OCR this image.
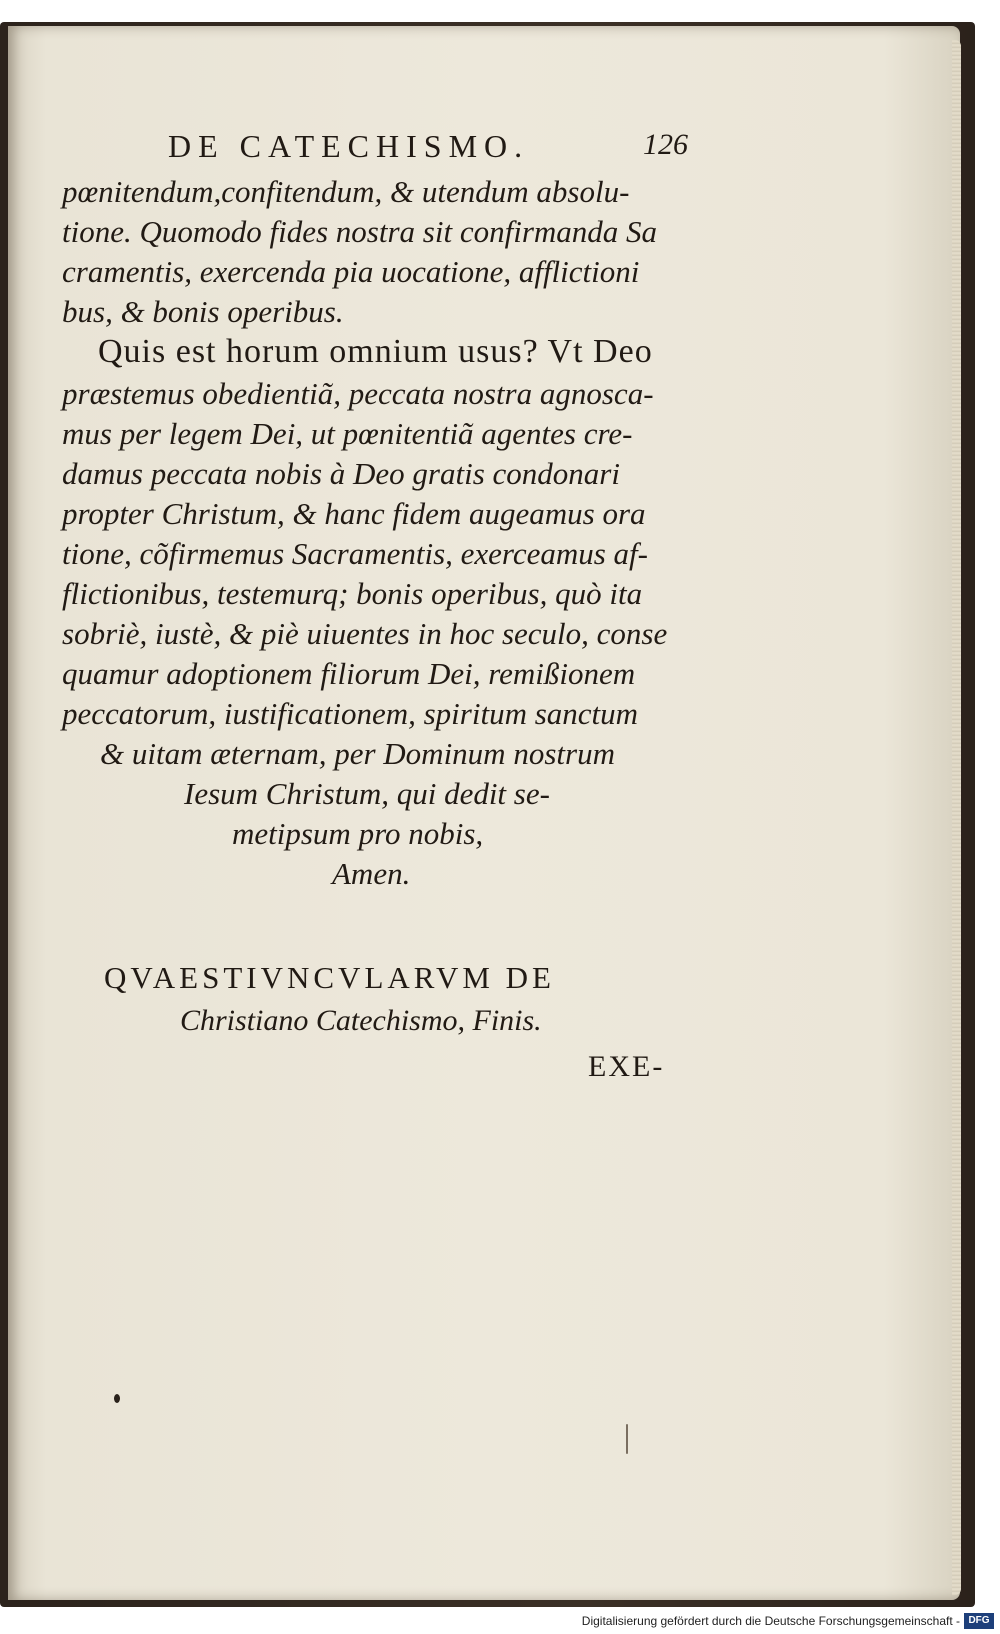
DE CATECHISMO.	126
pœnitendum,confitendum, & utendum absolu-
tione. Quomodo fides nostra sit confirmanda Sa
cramentis, exercenda pia uocatione, afflictioni
bus, & bonis operibus.
Quis est horum omnium usus? Vt Deo
præstemus obedientiã, peccata nostra agnosca-
mus per legem Dei, ut pœnitentiã agentes cre-
damus peccata nobis à Deo gratis condonari
propter Christum, & hanc fidem augeamus ora
tione, cõfirmemus Sacramentis, exerceamus af-
flictionibus, testemurq; bonis operibus, quò ita
sobriè, iustè, & piè uiuentes in hoc seculo, conse
quamur adoptionem filiorum Dei, remißionem
peccatorum, iustificationem, spiritum sanctum
& uitam æternam, per Dominum nostrum
Iesum Christum, qui dedit se-
metipsum pro nobis,
Amen.
QVAESTIVNCVLARVM DE
Christiano Catechismo, Finis.
EXE-
Digitalisierung gefördert durch die Deutsche Forschungsgemeinschaft - DFG
